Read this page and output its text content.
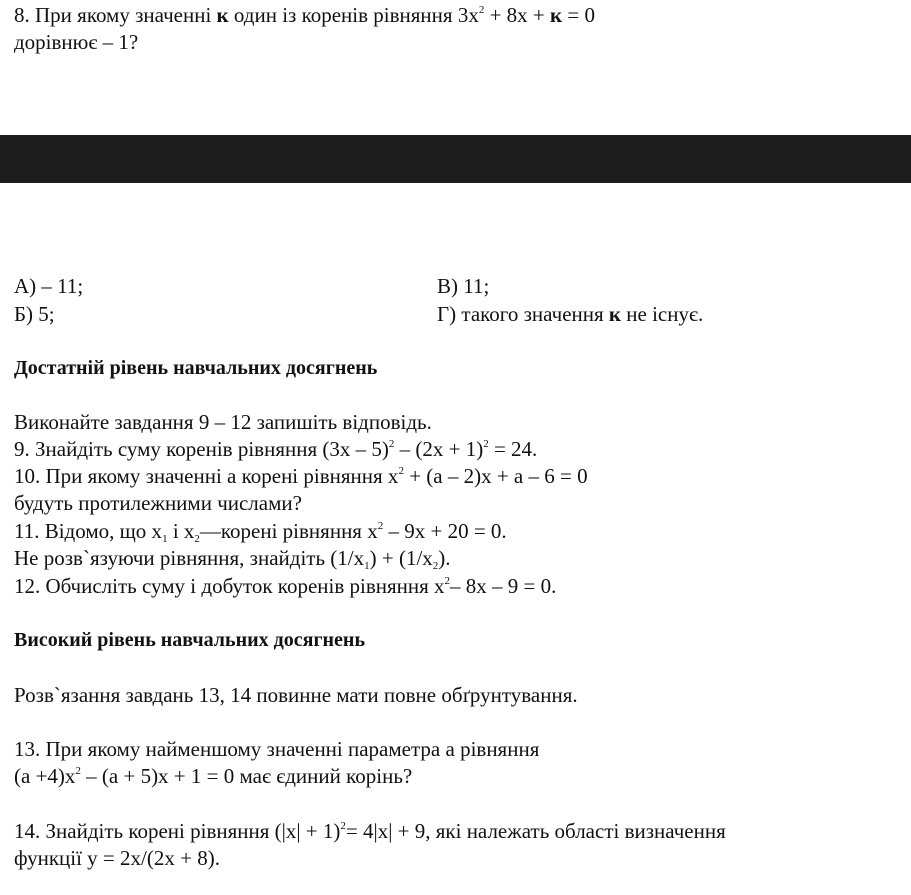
8. При якому значенні к один із коренів рівняння $3x^2 + 8x + к = 0$
дорівнює – 1?
А) – 11;	В) 11;
Б) 5;	Г) такого значення к не існує.
Достатній рівень навчальних досягнень
Виконайте завдання 9 – 12 запишіть відповідь.
9. Знайдіть суму коренів рівняння $(3x - 5)^2 - (2x + 1)^2 = 24$.
10. При якому значенні а корені рівняння $x^2 + (a - 2)x + a - 6 = 0$
будуть протилежними числами?
11. Відомо, що $x_1$ і $x_2—корені$ рівняння $x^2 - 9x + 20 = 0$.
Не розв`язуючи рівняння, знайдіть $(1/x_1) + (1/x_2)$.
12. Обчисліть суму і добуток коренів рівняння $x^2-$ 8x – 9 = 0.
Високий рівень навчальних досягнень
Розв`язання завдань 13, 14 повинне мати повне обґрунтування.
13. При якому найменшому значенні параметра а рівняння
$(а +4)x^2 - (a + 5)x + 1 = 0$ має єдиний корінь?
14. Знайдіть корені рівняння $(|x| + 1)^2= 4|x| + 9$, які належать області визначення
функції y = 2x/(2x + 8).
